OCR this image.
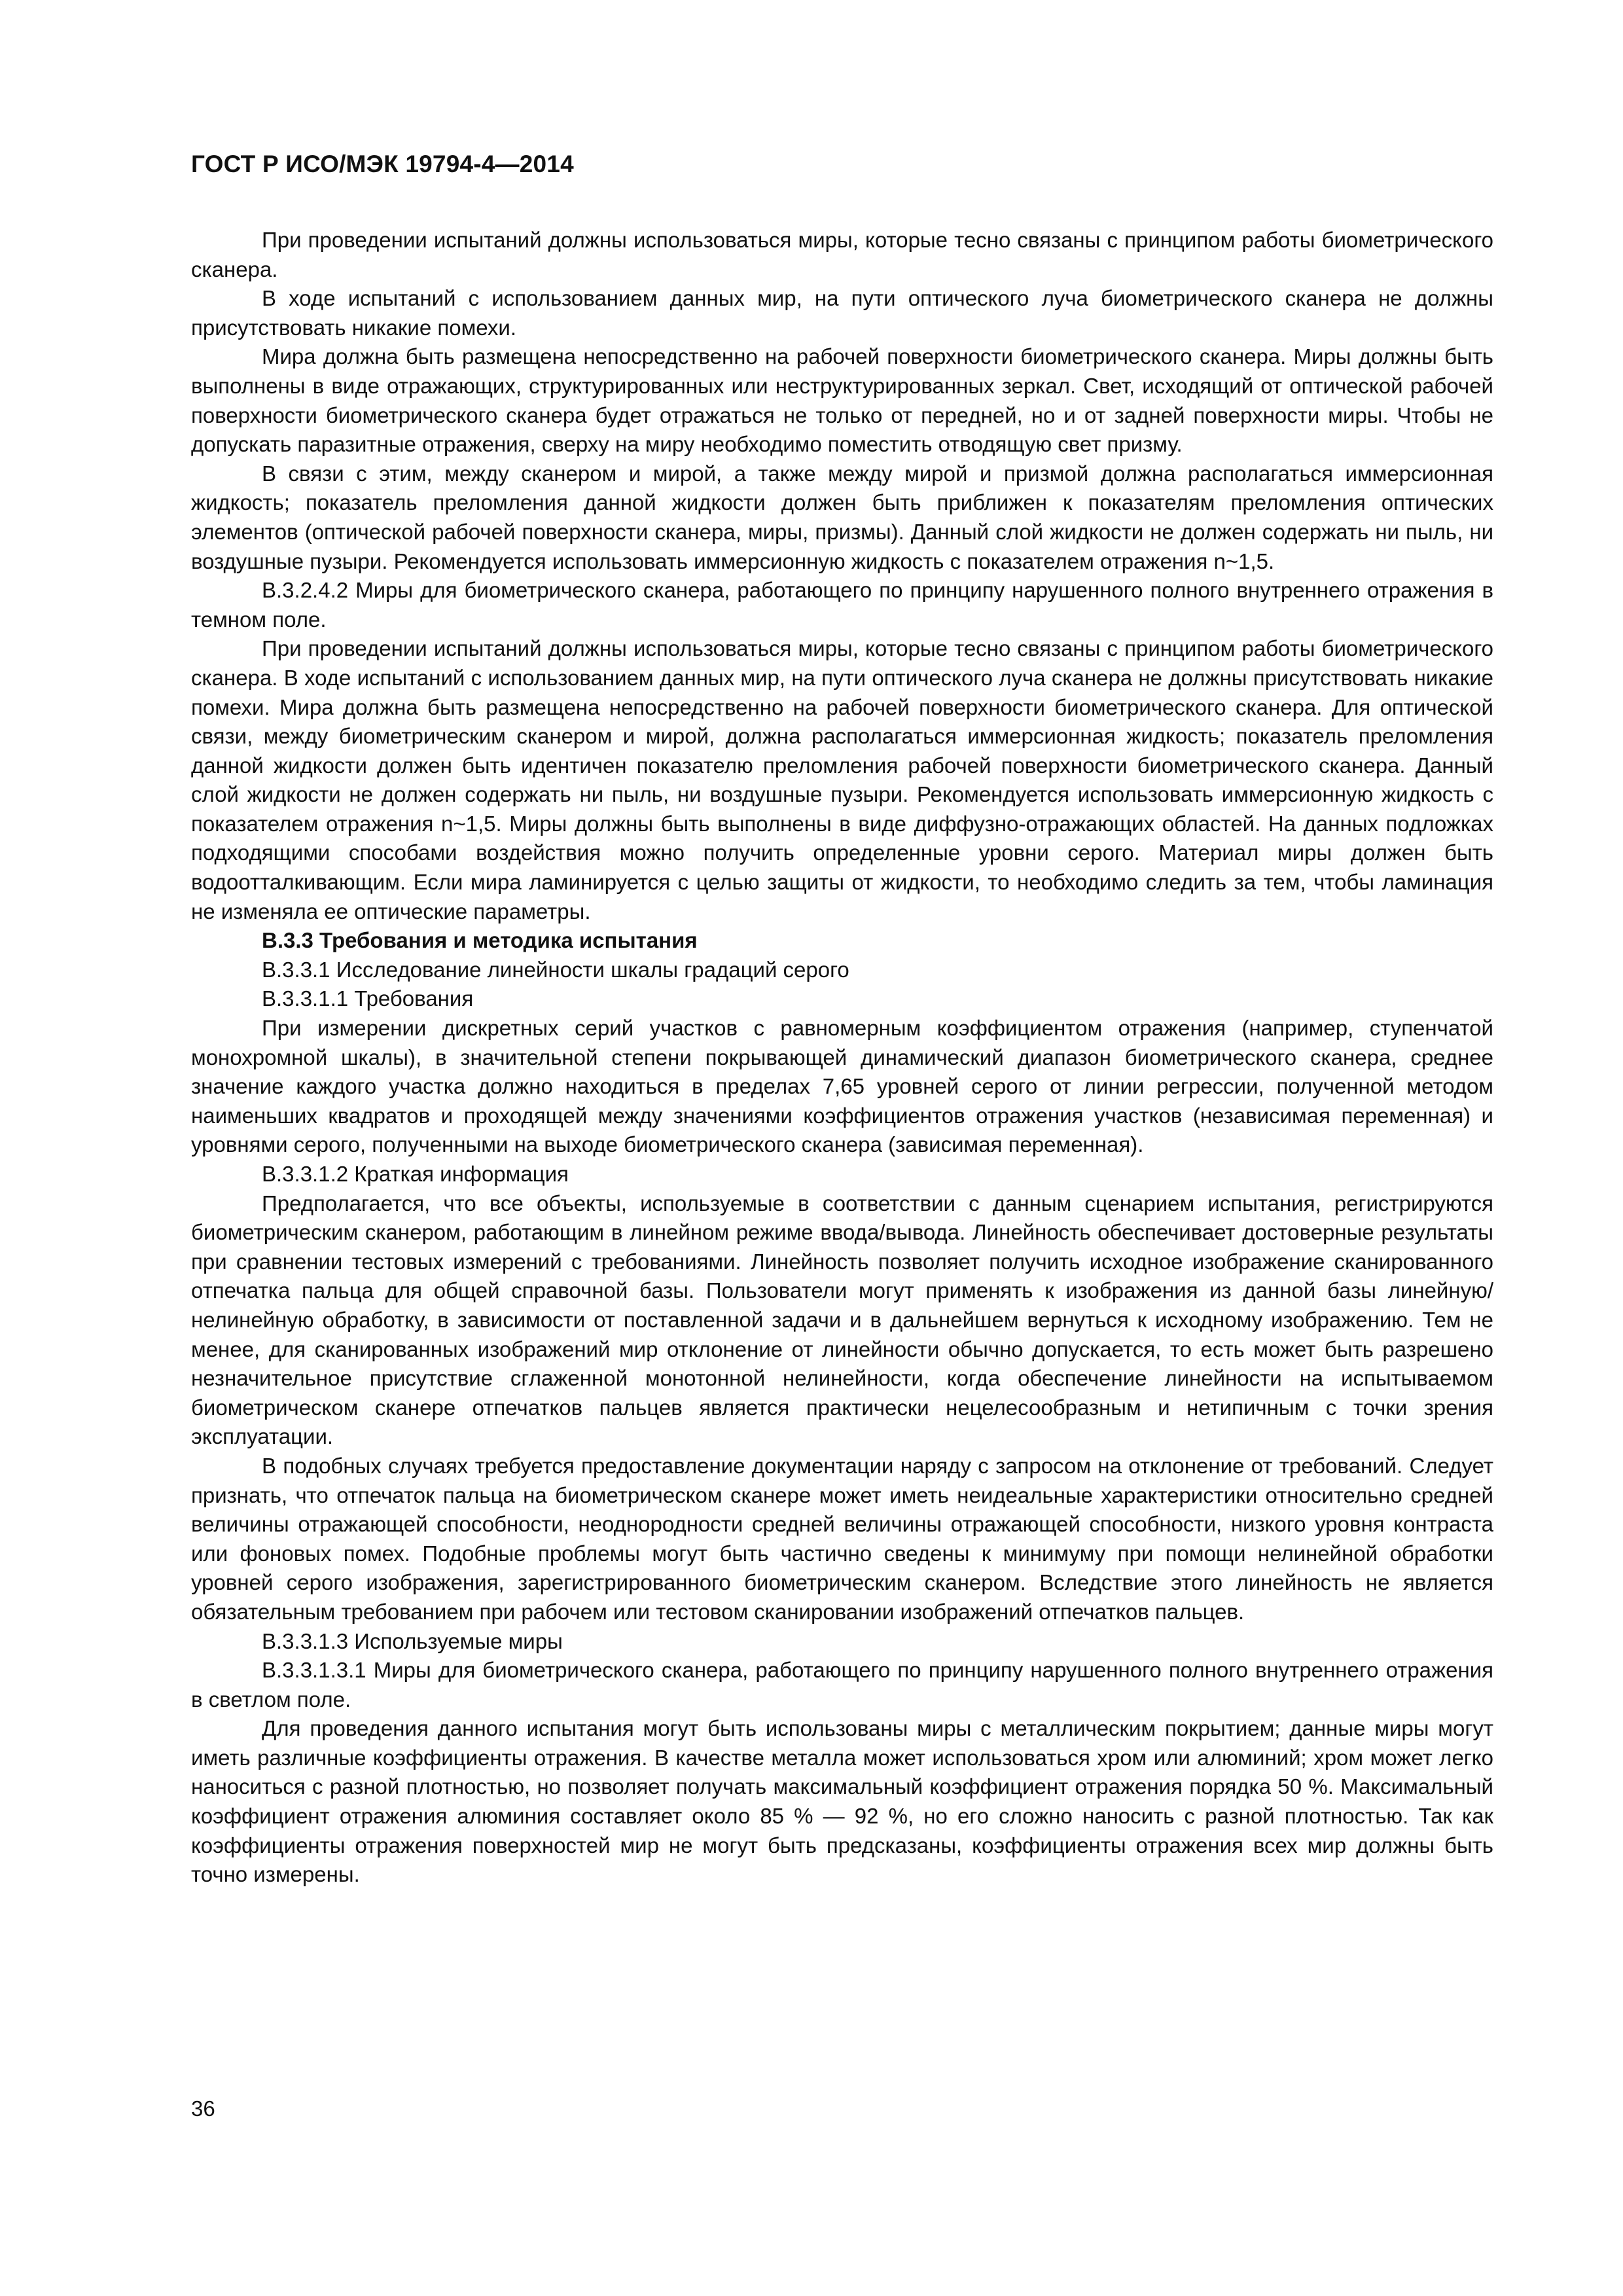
ГОСТ Р ИСО/МЭК 19794-4—2014

При проведении испытаний должны использоваться миры, которые тесно связаны с принципом работы биометрического сканера.

В ходе испытаний с использованием данных мир, на пути оптического луча биометрического сканера не должны присутствовать никакие помехи.

Мира должна быть размещена непосредственно на рабочей поверхности биометрического сканера. Миры должны быть выполнены в виде отражающих, структурированных или неструктурированных зеркал. Свет, исходящий от оптической рабочей поверхности биометрического сканера будет отражаться не только от передней, но и от задней поверхности миры. Чтобы не допускать паразитные отражения, сверху на миру необходимо поместить отводящую свет призму.

В связи с этим, между сканером и мирой, а также между мирой и призмой должна располагаться иммерсионная жидкость; показатель преломления данной жидкости должен быть приближен к показателям преломления оптических элементов (оптической рабочей поверхности сканера, миры, призмы). Данный слой жидкости не должен содержать ни пыль, ни воздушные пузыри. Рекомендуется использовать иммерсионную жидкость с показателем отражения n~1,5.

В.3.2.4.2 Миры для биометрического сканера, работающего по принципу нарушенного полного внутреннего отражения в темном поле.

При проведении испытаний должны использоваться миры, которые тесно связаны с принципом работы биометрического сканера. В ходе испытаний с использованием данных мир, на пути оптического луча сканера не должны присутствовать никакие помехи. Мира должна быть размещена непосредственно на рабочей поверхности биометрического сканера. Для оптической связи, между биометрическим сканером и мирой, должна располагаться иммерсионная жидкость; показатель преломления данной жидкости должен быть идентичен показателю преломления рабочей поверхности биометрического сканера. Данный слой жидкости не должен содержать ни пыль, ни воздушные пузыри. Рекомендуется использовать иммерсионную жидкость с показателем отражения n~1,5. Миры должны быть выполнены в виде диффузно-отражающих областей. На данных подложках подходящими способами воздействия можно получить определенные уровни серого. Материал миры должен быть водоотталкивающим. Если мира ламинируется с целью защиты от жидкости, то необходимо следить за тем, чтобы ламинация не изменяла ее оптические параметры.

В.3.3 Требования и методика испытания

В.3.3.1 Исследование линейности шкалы градаций серого

В.3.3.1.1 Требования

При измерении дискретных серий участков с равномерным коэффициентом отражения (например, ступенчатой монохромной шкалы), в значительной степени покрывающей динамический диапазон биометрического сканера, среднее значение каждого участка должно находиться в пределах 7,65 уровней серого от линии регрессии, полученной методом наименьших квадратов и проходящей между значениями коэффициентов отражения участков (независимая переменная) и уровнями серого, полученными на выходе биометрического сканера (зависимая переменная).

В.3.3.1.2 Краткая информация

Предполагается, что все объекты, используемые в соответствии с данным сценарием испытания, регистрируются биометрическим сканером, работающим в линейном режиме ввода/вывода. Линейность обеспечивает достоверные результаты при сравнении тестовых измерений с требованиями. Линейность позволяет получить исходное изображение сканированного отпечатка пальца для общей справочной базы. Пользователи могут применять к изображения из данной базы линейную/нелинейную обработку, в зависимости от поставленной задачи и в дальнейшем вернуться к исходному изображению. Тем не менее, для сканированных изображений мир отклонение от линейности обычно допускается, то есть может быть разрешено незначительное присутствие сглаженной монотонной нелинейности, когда обеспечение линейности на испытываемом биометрическом сканере отпечатков пальцев является практически нецелесообразным и нетипичным с точки зрения эксплуатации.

В подобных случаях требуется предоставление документации наряду с запросом на отклонение от требований. Следует признать, что отпечаток пальца на биометрическом сканере может иметь неидеальные характеристики относительно средней величины отражающей способности, неоднородности средней величины отражающей способности, низкого уровня контраста или фоновых помех. Подобные проблемы могут быть частично сведены к минимуму при помощи нелинейной обработки уровней серого изображения, зарегистрированного биометрическим сканером. Вследствие этого линейность не является обязательным требованием при рабочем или тестовом сканировании изображений отпечатков пальцев.

В.3.3.1.3 Используемые миры

В.3.3.1.3.1 Миры для биометрического сканера, работающего по принципу нарушенного полного внутреннего отражения в светлом поле.

Для проведения данного испытания могут быть использованы миры с металлическим покрытием; данные миры могут иметь различные коэффициенты отражения. В качестве металла может использоваться хром или алюминий; хром может легко наноситься с разной плотностью, но позволяет получать максимальный коэффициент отражения порядка 50 %. Максимальный коэффициент отражения алюминия составляет около 85 % — 92 %, но его сложно наносить с разной плотностью. Так как коэффициенты отражения поверхностей мир не могут быть предсказаны, коэффициенты отражения всех мир должны быть точно измерены.

36
